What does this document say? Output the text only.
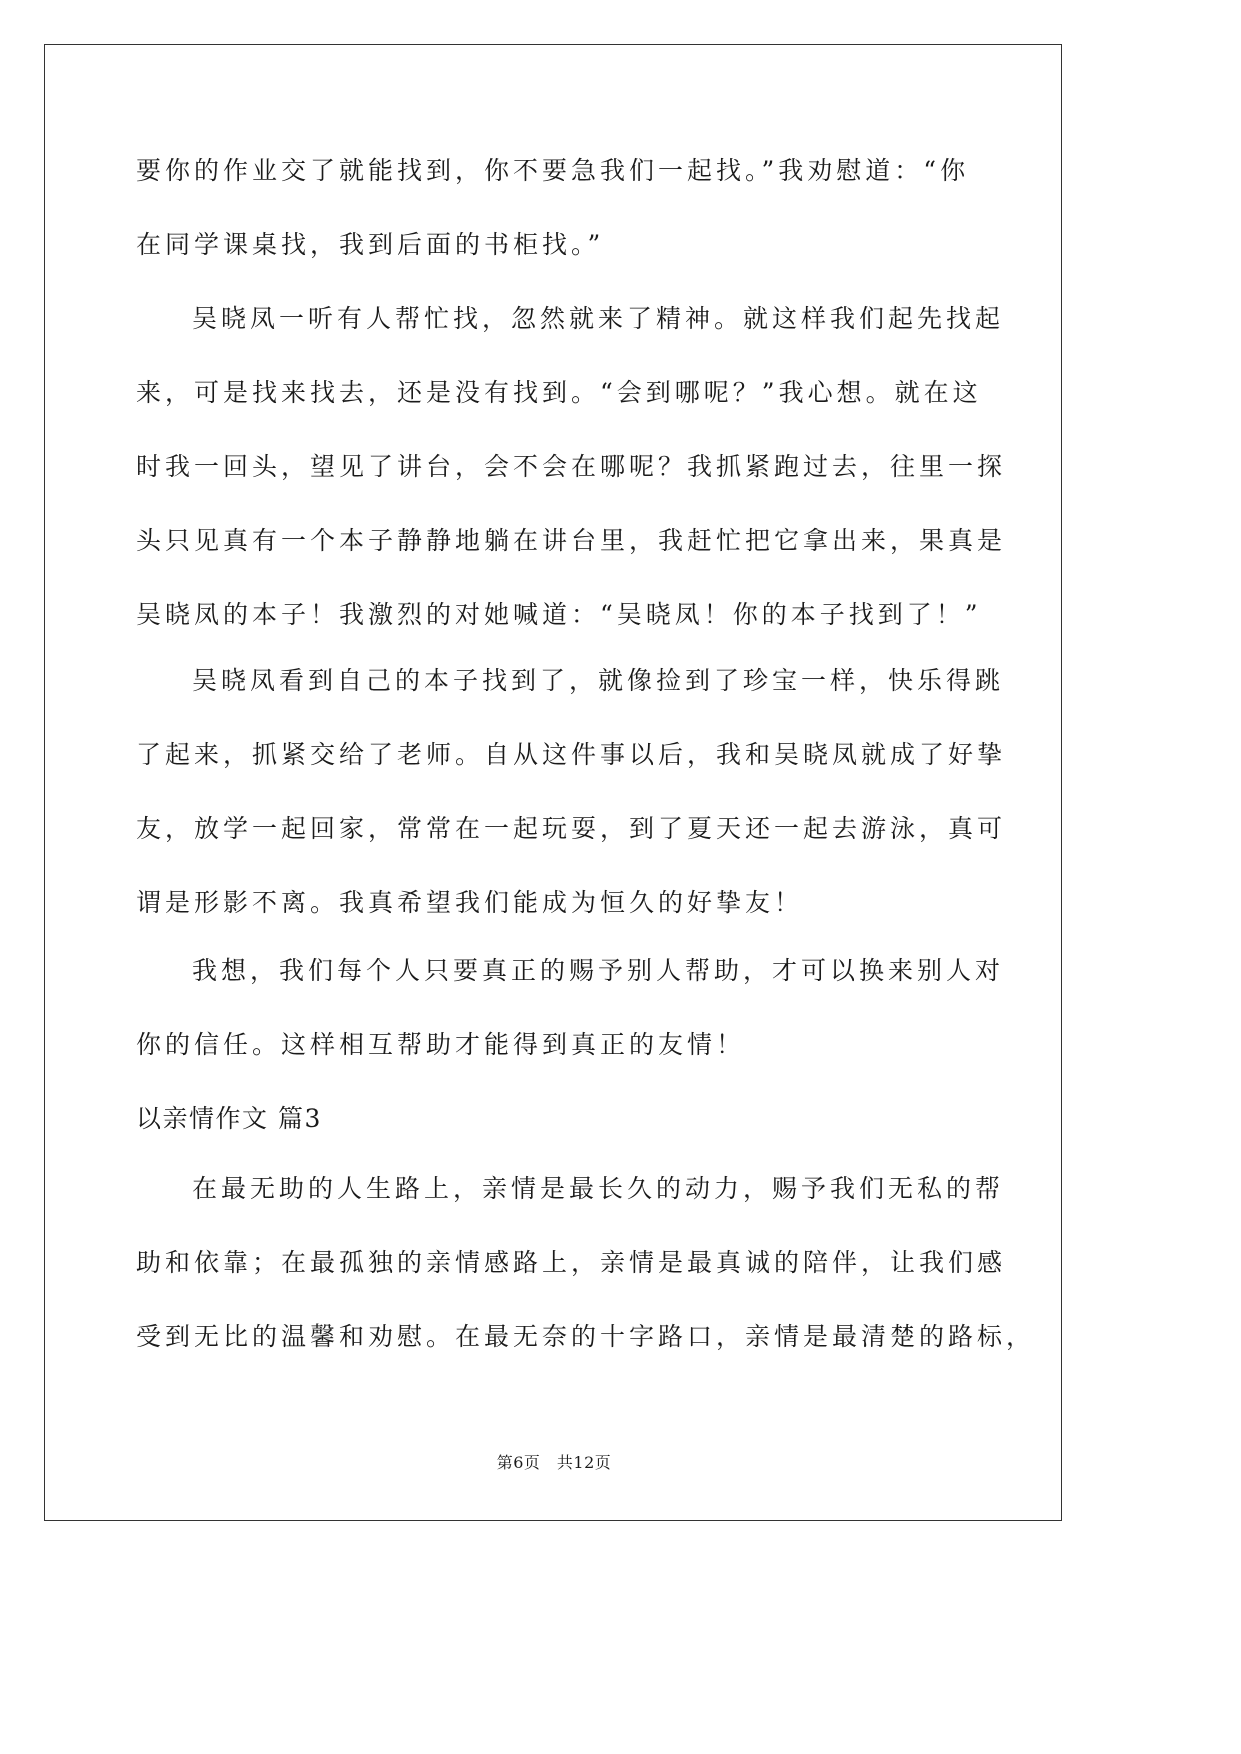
要你的作业交了就能找到，你不要急我们一起找。”我劝慰道：“你
在同学课桌找，我到后面的书柜找。”
吴晓凤一听有人帮忙找，忽然就来了精神。就这样我们起先找起
来，可是找来找去，还是没有找到。“会到哪呢？”我心想。就在这
时我一回头，望见了讲台，会不会在哪呢？我抓紧跑过去，往里一探
头只见真有一个本子静静地躺在讲台里，我赶忙把它拿出来，果真是
吴晓凤的本子！我激烈的对她喊道：“吴晓凤！你的本子找到了！”
吴晓凤看到自己的本子找到了，就像捡到了珍宝一样，快乐得跳
了起来，抓紧交给了老师。自从这件事以后，我和吴晓凤就成了好挚
友，放学一起回家，常常在一起玩耍，到了夏天还一起去游泳，真可
谓是形影不离。我真希望我们能成为恒久的好挚友！
我想，我们每个人只要真正的赐予别人帮助，才可以换来别人对
你的信任。这样相互帮助才能得到真正的友情！
以亲情作文 篇3
在最无助的人生路上，亲情是最长久的动力，赐予我们无私的帮
助和依靠；在最孤独的亲情感路上，亲情是最真诚的陪伴，让我们感
受到无比的温馨和劝慰。在最无奈的十字路口，亲情是最清楚的路标，
第6页　共12页
